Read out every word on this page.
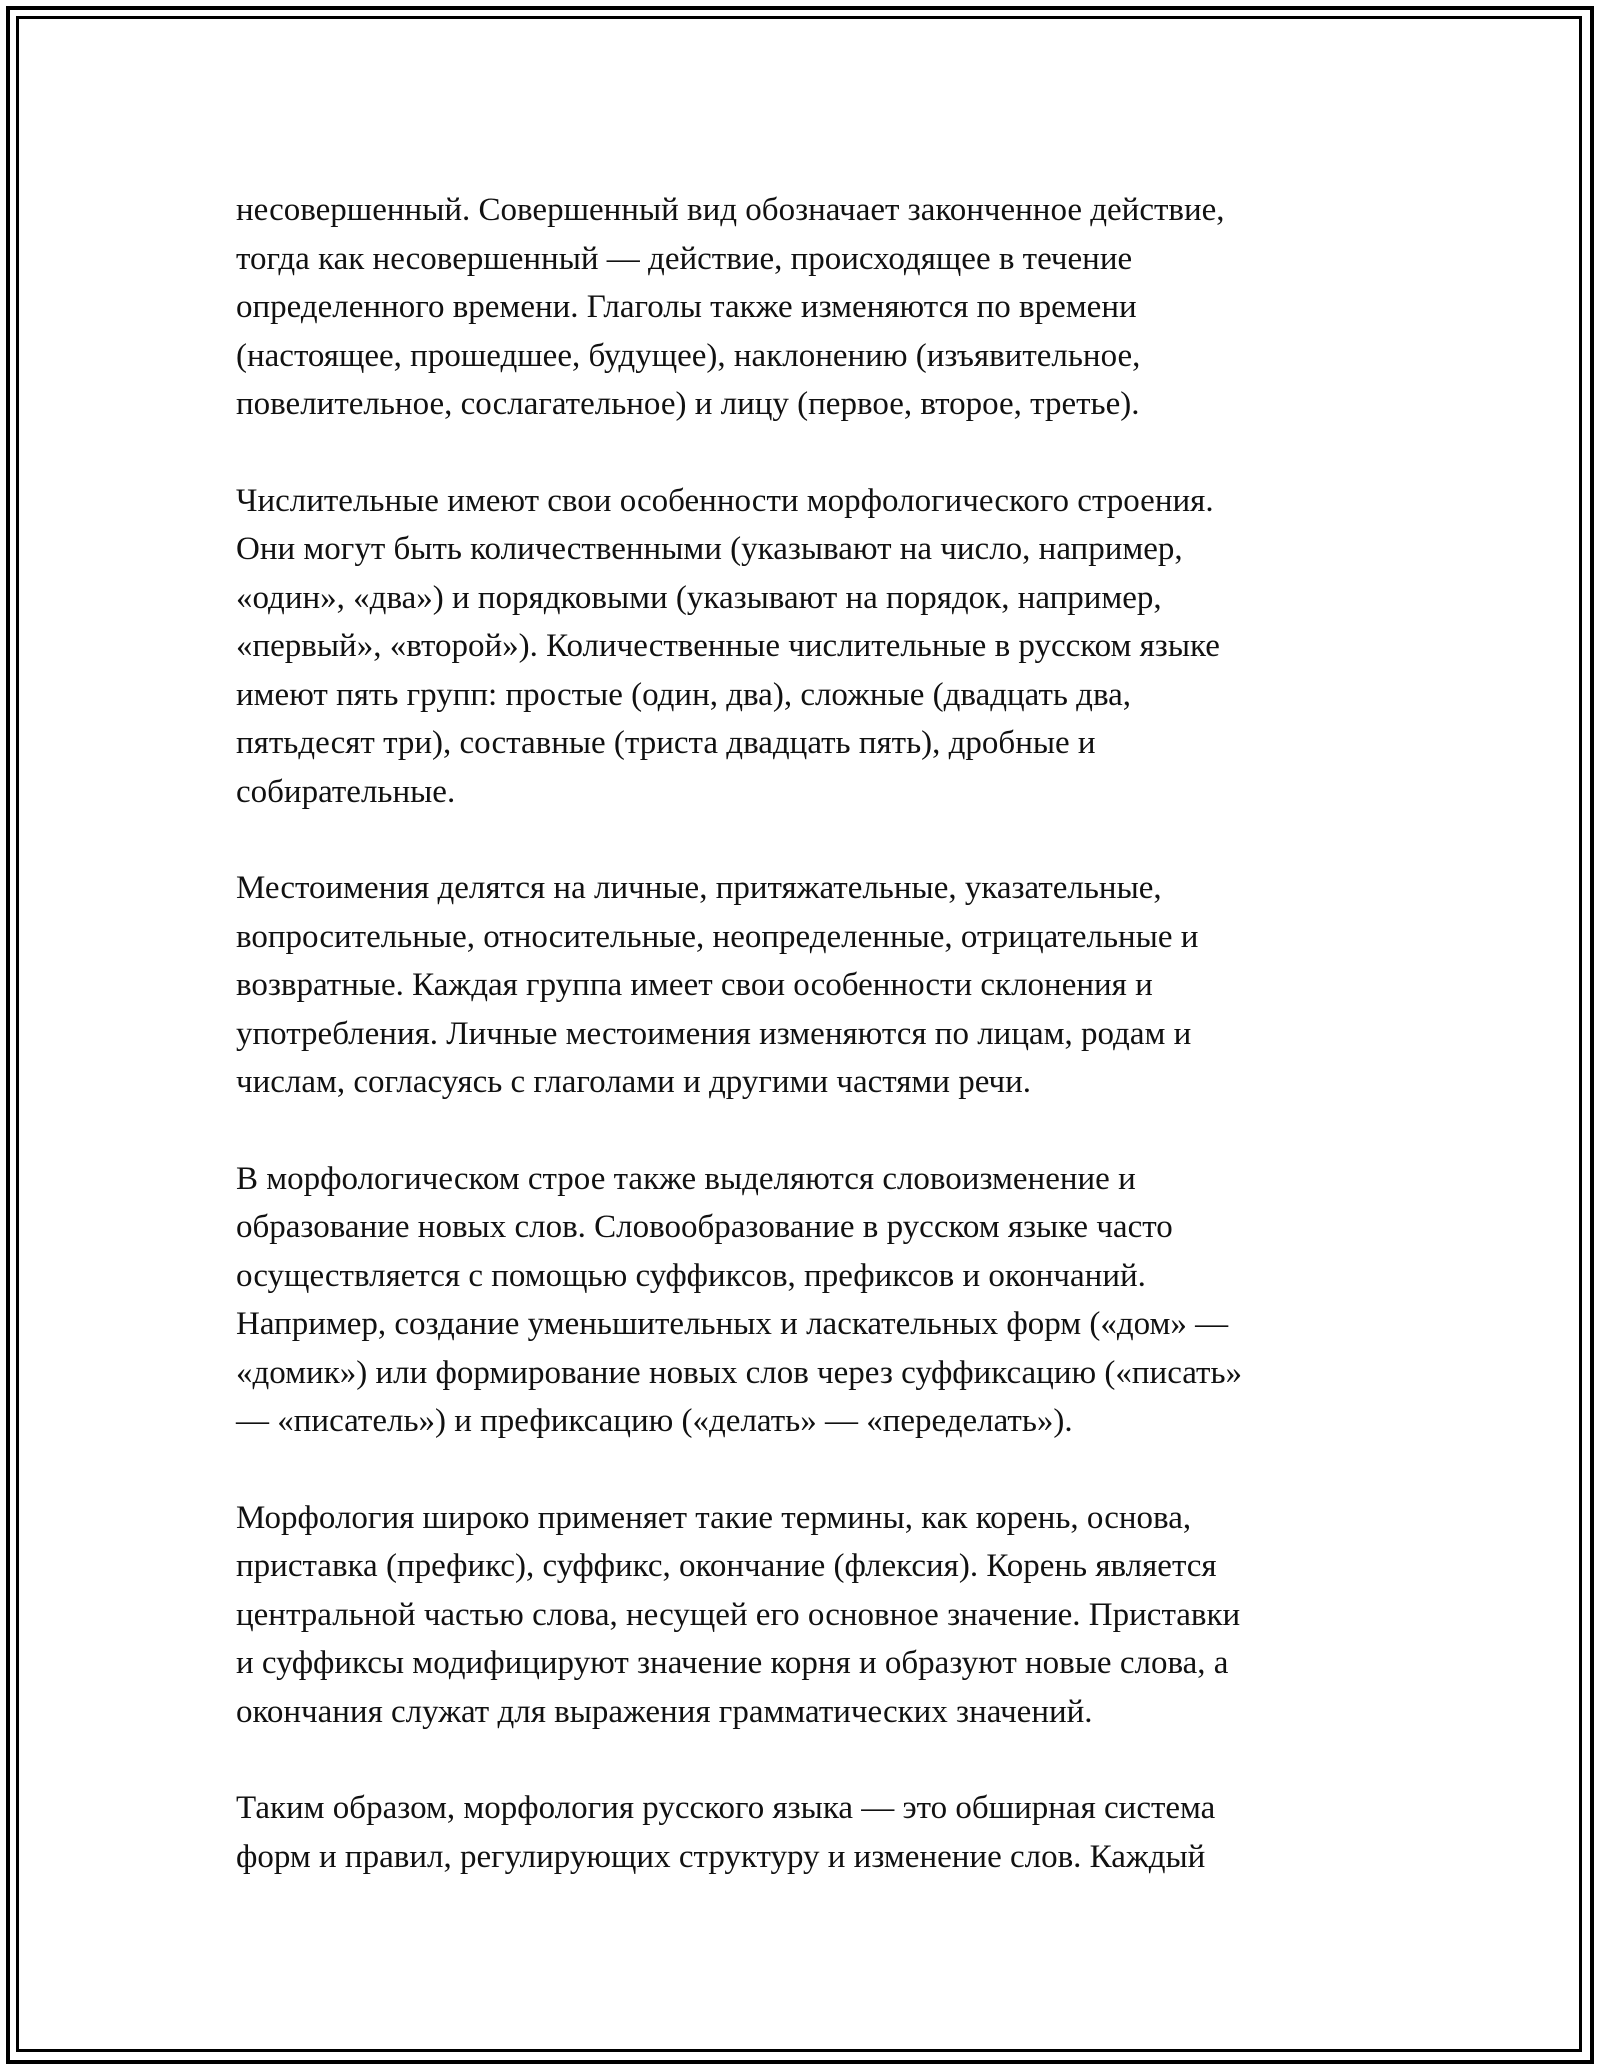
несовершенный. Совершенный вид обозначает законченное действие,
тогда как несовершенный — действие, происходящее в течение
определенного времени. Глаголы также изменяются по времени
(настоящее, прошедшее, будущее), наклонению (изъявительное,
повелительное, сослагательное) и лицу (первое, второе, третье).

Числительные имеют свои особенности морфологического строения.
Они могут быть количественными (указывают на число, например,
«один», «два») и порядковыми (указывают на порядок, например,
«первый», «второй»). Количественные числительные в русском языке
имеют пять групп: простые (один, два), сложные (двадцать два,
пятьдесят три), составные (триста двадцать пять), дробные и
собирательные.

Местоимения делятся на личные, притяжательные, указательные,
вопросительные, относительные, неопределенные, отрицательные и
возвратные. Каждая группа имеет свои особенности склонения и
употребления. Личные местоимения изменяются по лицам, родам и
числам, согласуясь с глаголами и другими частями речи.

В морфологическом строе также выделяются словоизменение и
образование новых слов. Словообразование в русском языке часто
осуществляется с помощью суффиксов, префиксов и окончаний.
Например, создание уменьшительных и ласкательных форм («дом» —
«домик») или формирование новых слов через суффиксацию («писать»
— «писатель») и префиксацию («делать» — «переделать»).

Морфология широко применяет такие термины, как корень, основа,
приставка (префикс), суффикс, окончание (флексия). Корень является
центральной частью слова, несущей его основное значение. Приставки
и суффиксы модифицируют значение корня и образуют новые слова, а
окончания служат для выражения грамматических значений.

Таким образом, морфология русского языка — это обширная система
форм и правил, регулирующих структуру и изменение слов. Каждый
